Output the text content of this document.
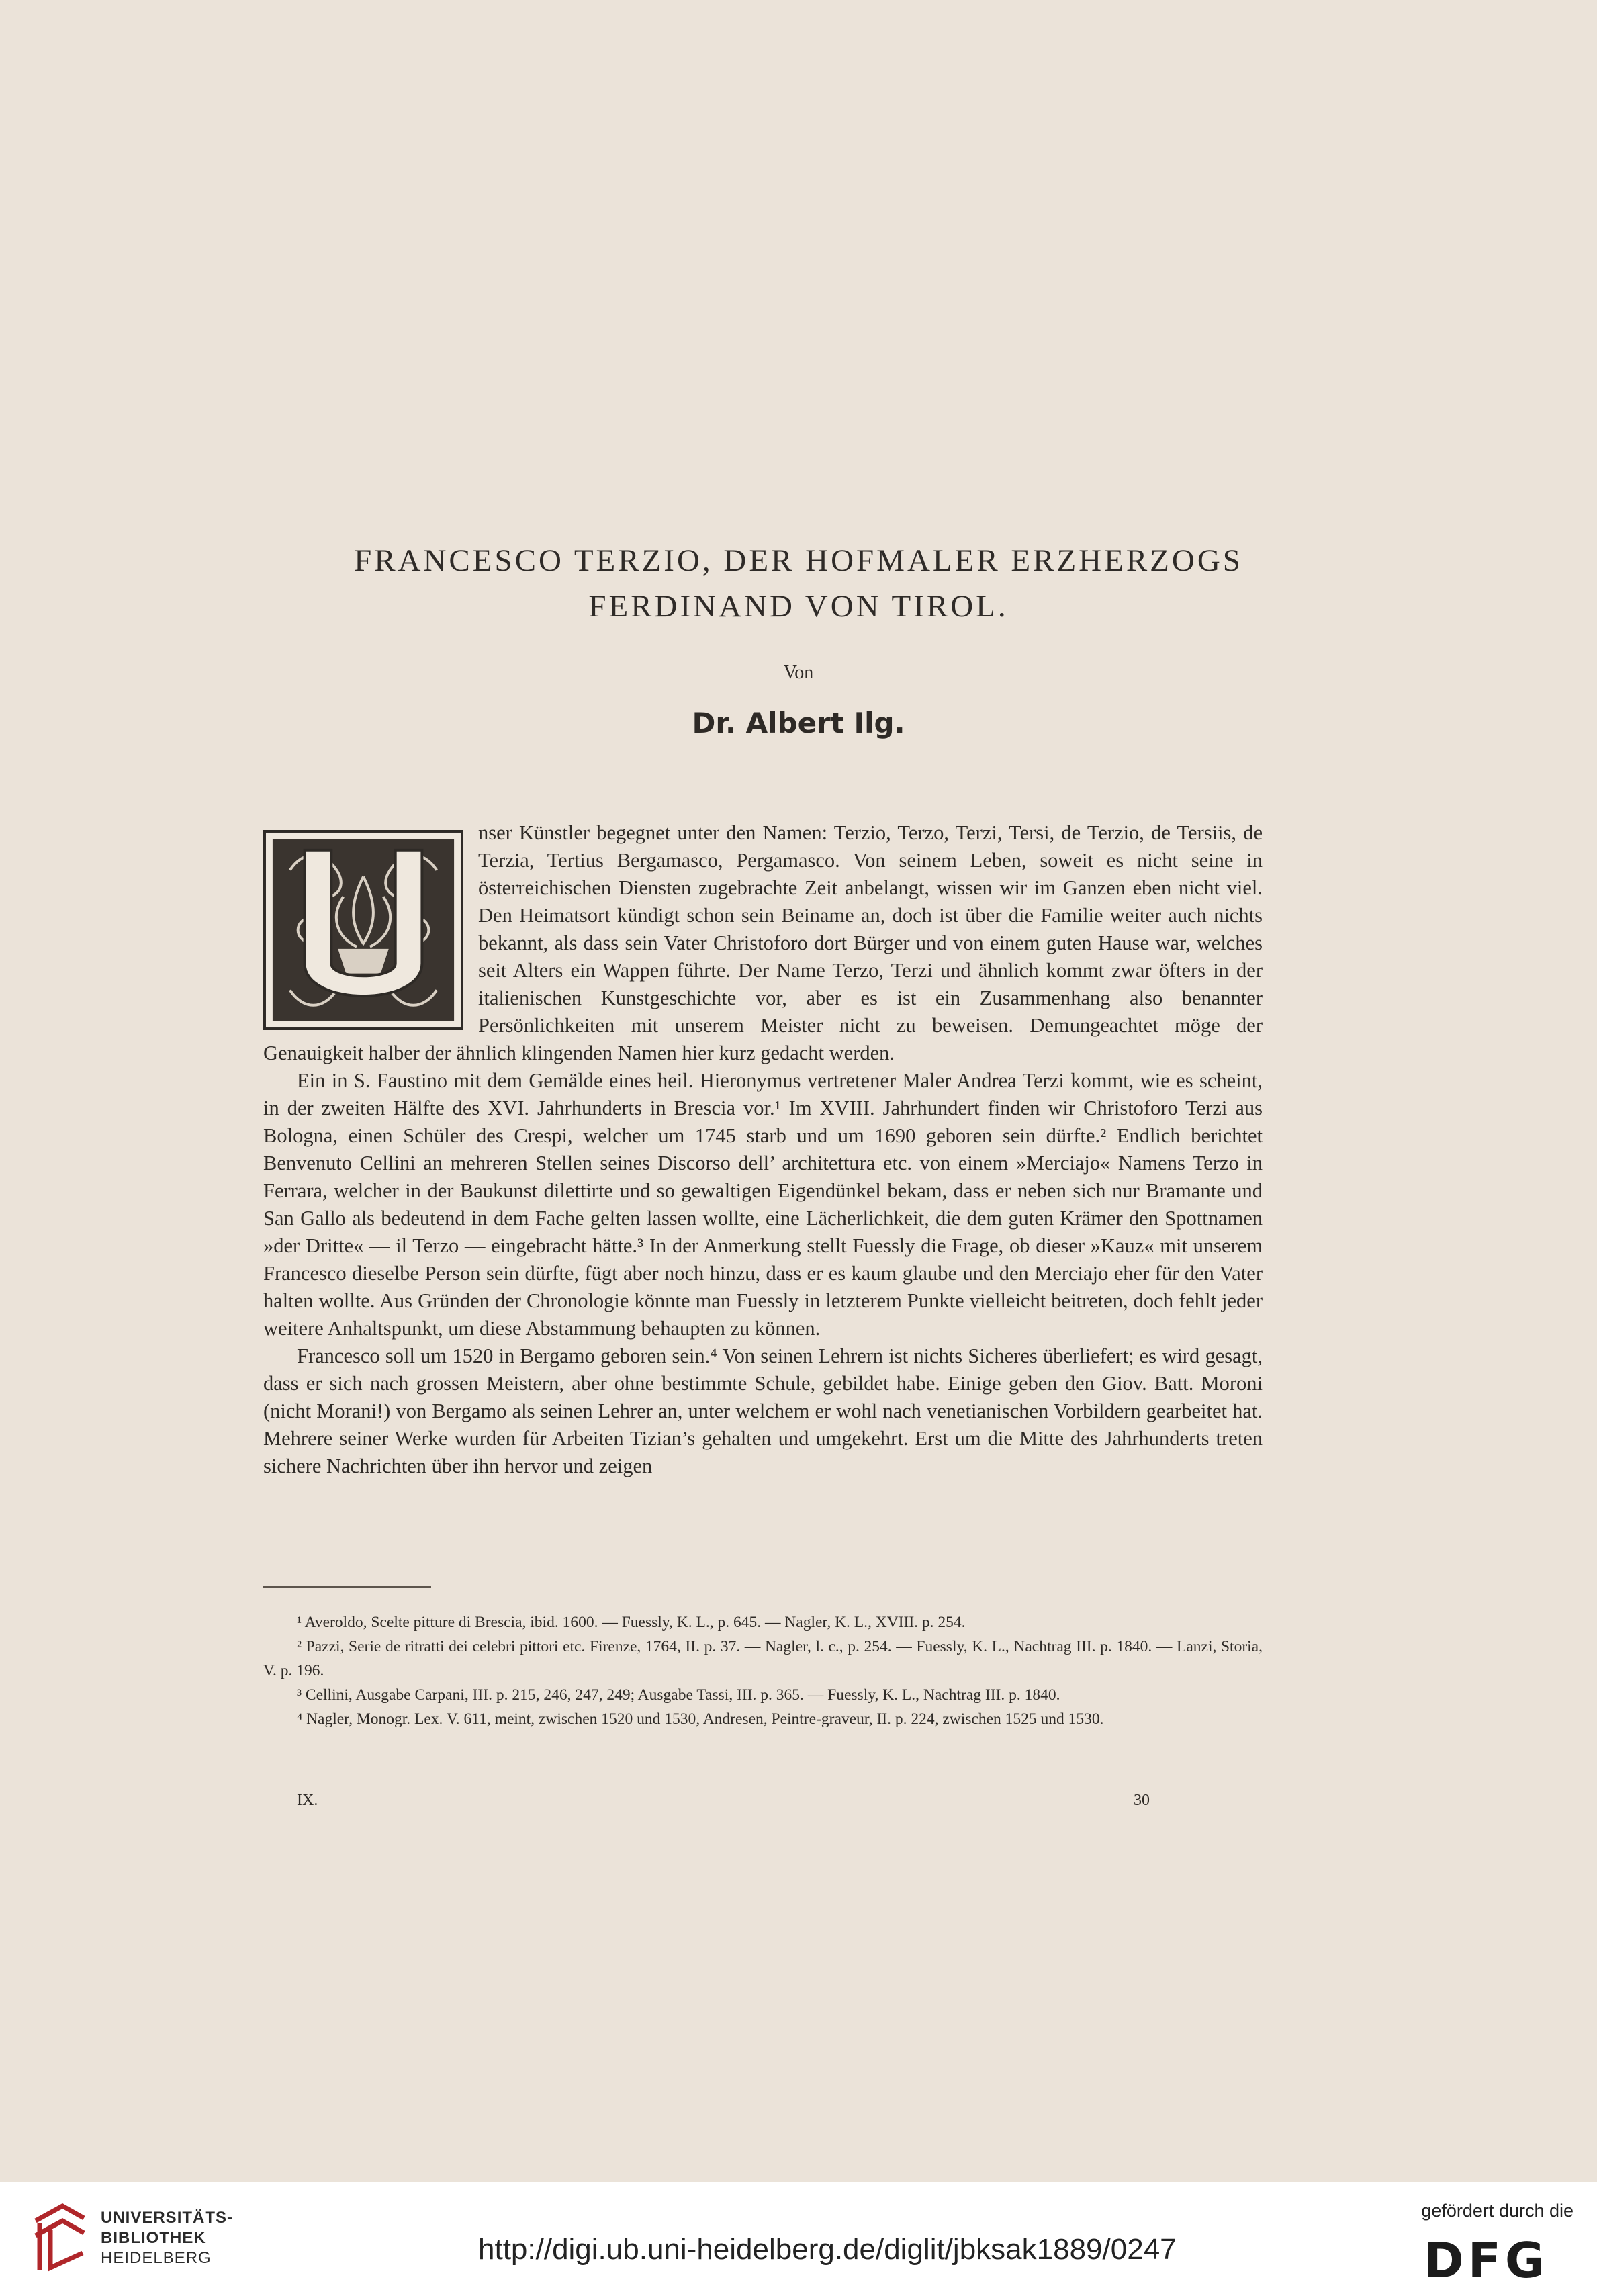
FRANCESCO TERZIO, DER HOFMALER ERZHERZOGS
FERDINAND VON TIROL.
Von
Dr. Albert Ilg.

nser Künstler begegnet unter den Namen: Terzio, Terzo, Terzi, Tersi, de Terzio, de Tersiis, de Terzia, Tertius Bergamasco, Pergamasco. Von seinem Leben, soweit es nicht seine in österreichischen Diensten zugebrachte Zeit anbelangt, wissen wir im Ganzen eben nicht viel. Den Heimatsort kündigt schon sein Beiname an, doch ist über die Familie weiter auch nichts bekannt, als dass sein Vater Christoforo dort Bürger und von einem guten Hause war, welches seit Alters ein Wappen führte. Der Name Terzo, Terzi und ähnlich kommt zwar öfters in der italienischen Kunstgeschichte vor, aber es ist ein Zusammenhang also benannter Persönlichkeiten mit unserem Meister nicht zu beweisen. Demungeachtet möge der Genauigkeit halber der ähnlich klingenden Namen hier kurz gedacht werden.

Ein in S. Faustino mit dem Gemälde eines heil. Hieronymus vertretener Maler Andrea Terzi kommt, wie es scheint, in der zweiten Hälfte des XVI. Jahrhunderts in Brescia vor.¹ Im XVIII. Jahrhundert finden wir Christoforo Terzi aus Bologna, einen Schüler des Crespi, welcher um 1745 starb und um 1690 geboren sein dürfte.² Endlich berichtet Benvenuto Cellini an mehreren Stellen seines Discorso dell’ architettura etc. von einem »Merciajo« Namens Terzo in Ferrara, welcher in der Baukunst dilettirte und so gewaltigen Eigendünkel bekam, dass er neben sich nur Bramante und San Gallo als bedeutend in dem Fache gelten lassen wollte, eine Lächerlichkeit, die dem guten Krämer den Spottnamen »der Dritte« — il Terzo — eingebracht hätte.³ In der Anmerkung stellt Fuessly die Frage, ob dieser »Kauz« mit unserem Francesco dieselbe Person sein dürfte, fügt aber noch hinzu, dass er es kaum glaube und den Merciajo eher für den Vater halten wollte. Aus Gründen der Chronologie könnte man Fuessly in letzterem Punkte vielleicht beitreten, doch fehlt jeder weitere Anhaltspunkt, um diese Abstammung behaupten zu können.

Francesco soll um 1520 in Bergamo geboren sein.⁴ Von seinen Lehrern ist nichts Sicheres überliefert; es wird gesagt, dass er sich nach grossen Meistern, aber ohne bestimmte Schule, gebildet habe. Einige geben den Giov. Batt. Moroni (nicht Morani!) von Bergamo als seinen Lehrer an, unter welchem er wohl nach venetianischen Vorbildern gearbeitet hat. Mehrere seiner Werke wurden für Arbeiten Tizian’s gehalten und umgekehrt. Erst um die Mitte des Jahrhunderts treten sichere Nachrichten über ihn hervor und zeigen

¹ Averoldo, Scelte pitture di Brescia, ibid. 1600. — Fuessly, K. L., p. 645. — Nagler, K. L., XVIII. p. 254.

² Pazzi, Serie de ritratti dei celebri pittori etc. Firenze, 1764, II. p. 37. — Nagler, l. c., p. 254. — Fuessly, K. L., Nachtrag III. p. 1840. — Lanzi, Storia, V. p. 196.

³ Cellini, Ausgabe Carpani, III. p. 215, 246, 247, 249; Ausgabe Tassi, III. p. 365. — Fuessly, K. L., Nachtrag III. p. 1840.

⁴ Nagler, Monogr. Lex. V. 611, meint, zwischen 1520 und 1530, Andresen, Peintre-graveur, II. p. 224, zwischen 1525 und 1530.

IX.	30
UNIVERSITÄTS-
BIBLIOTHEK
HEIDELBERG	http://digi.ub.uni-heidelberg.de/diglit/jbksak1889/0247
gefördert durch die
DFG
